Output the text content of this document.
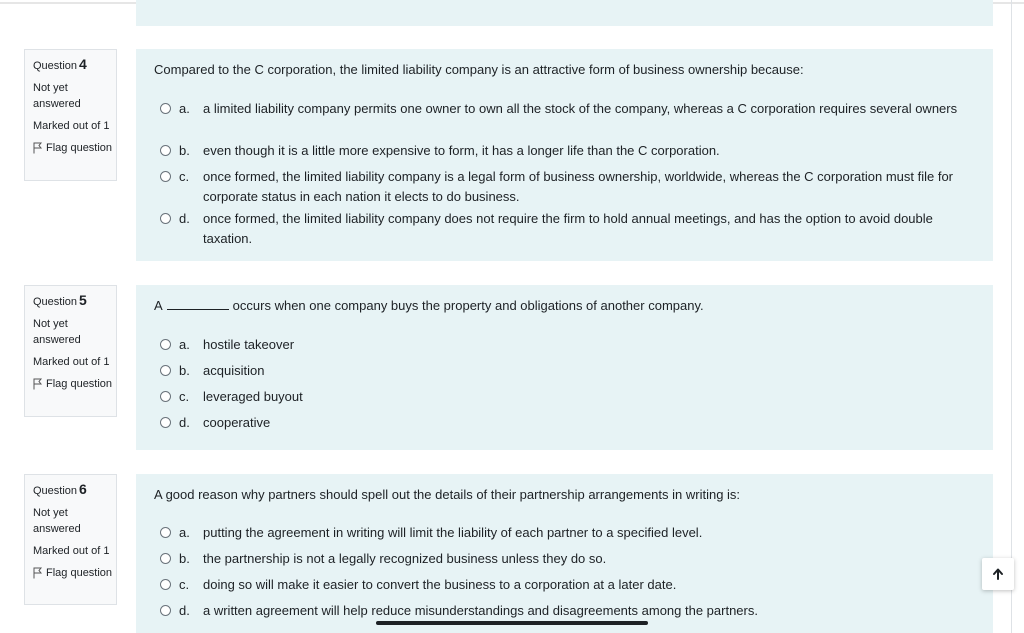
Question 4
Not yet answered
Marked out of 1
Flag question
Compared to the C corporation, the limited liability company is an attractive form of business ownership because:
a.	a limited liability company permits one owner to own all the stock of the company, whereas a C corporation requires several owners
b.	even though it is a little more expensive to form, it has a longer life than the C corporation.
c.	once formed, the limited liability company is a legal form of business ownership, worldwide, whereas the C corporation must file for corporate status in each nation it elects to do business.
d.	once formed, the limited liability company does not require the firm to hold annual meetings, and has the option to avoid double taxation.
Question 5
Not yet answered
Marked out of 1
Flag question
A	occurs when one company buys the property and obligations of another company.
a.	hostile takeover
b.	acquisition
c.	leveraged buyout
d.	cooperative
Question 6
Not yet answered
Marked out of 1
Flag question
A good reason why partners should spell out the details of their partnership arrangements in writing is:
a.	putting the agreement in writing will limit the liability of each partner to a specified level.
b.	the partnership is not a legally recognized business unless they do so.
c.	doing so will make it easier to convert the business to a corporation at a later date.
d.	a written agreement will help reduce misunderstandings and disagreements among the partners.
